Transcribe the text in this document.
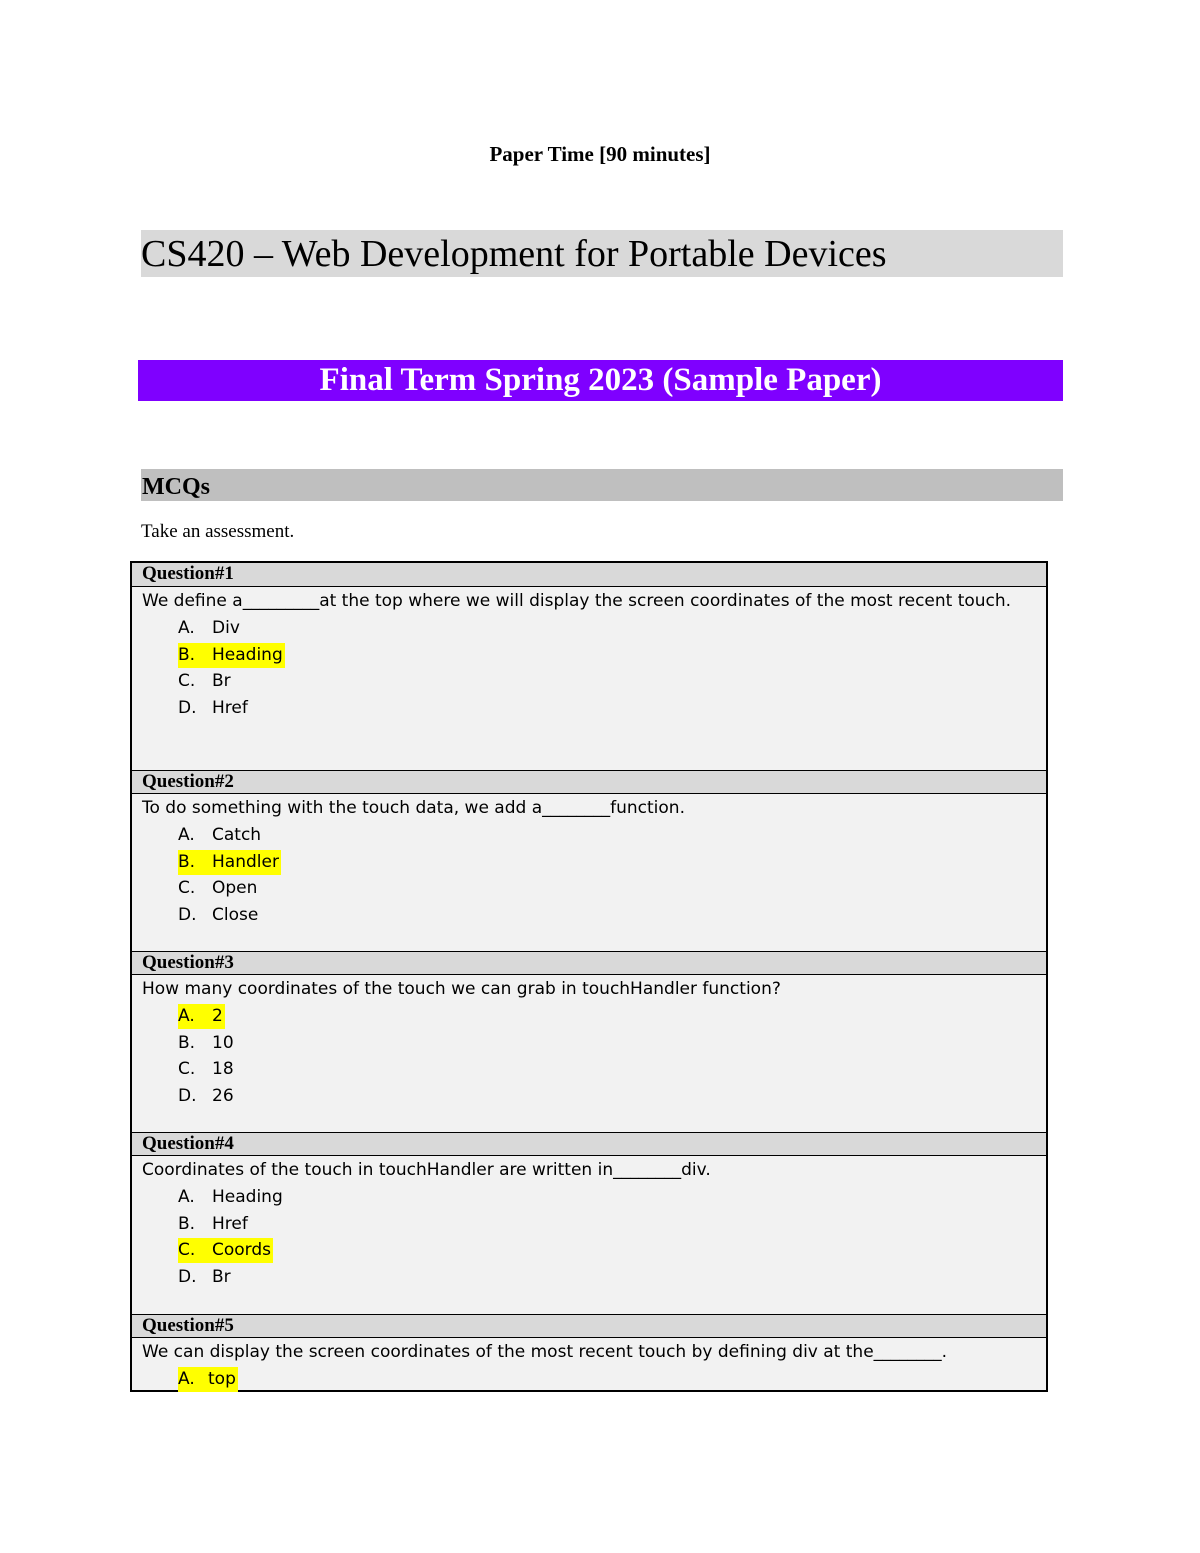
Paper Time [90 minutes]
CS420 – Web Development for Portable Devices
Final Term Spring 2023 (Sample Paper)
MCQs
Take an assessment.
Question#1
We define a_________at the top where we will display the screen coordinates of the most recent touch.
A. Div
B. Heading
C. Br
D. Href
Question#2
To do something with the touch data, we add a________function.
A. Catch
B. Handler
C. Open
D. Close
Question#3
How many coordinates of the touch we can grab in touchHandler function?
A. 2
B. 10
C. 18
D. 26
Question#4
Coordinates of the touch in touchHandler are written in________div.
A. Heading
B. Href
C. Coords
D. Br
Question#5
We can display the screen coordinates of the most recent touch by defining div at the________.
A. top
